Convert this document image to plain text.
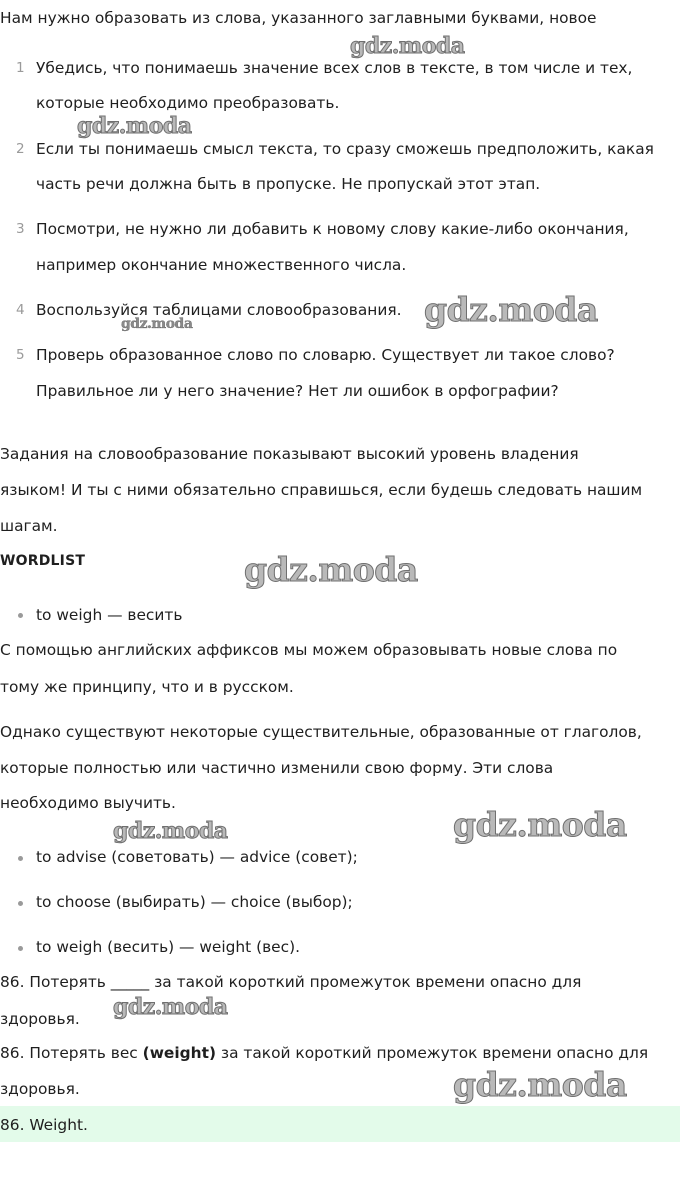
Нам нужно образовать из слова, указанного заглавными буквами, новое
1 Убедись, что понимаешь значение всех слов в тексте, в том числе и тех,
которые необходимо преобразовать.
2 Если ты понимаешь смысл текста, то сразу сможешь предположить, какая
часть речи должна быть в пропуске. Не пропускай этот этап.
3 Посмотри, не нужно ли добавить к новому слову какие-либо окончания,
например окончание множественного числа.
4 Воспользуйся таблицами словообразования.
5 Проверь образованное слово по словарю. Существует ли такое слово?
Правильное ли у него значение? Нет ли ошибок в орфографии?
Задания на словообразование показывают высокий уровень владения
языком! И ты с ними обязательно справишься, если будешь следовать нашим
шагам.
WORDLIST
to weigh — весить
С помощью английских аффиксов мы можем образовывать новые слова по
тому же принципу, что и в русском.
Однако существуют некоторые существительные, образованные от глаголов,
которые полностью или частично изменили свою форму. Эти слова
необходимо выучить.
to advise (советовать) — advice (совет);
to choose (выбирать) — choice (выбор);
to weigh (весить) — weight (вес).
86. Потерять _____ за такой короткий промежуток времени опасно для
здоровья.
86. Потерять вес (weight) за такой короткий промежуток времени опасно для
здоровья.
86. Weight.
gdz.moda
gdz.moda
gdz.moda	gdz.moda
gdz.moda
gdz.moda	gdz.moda
gdz.moda
gdz.moda
